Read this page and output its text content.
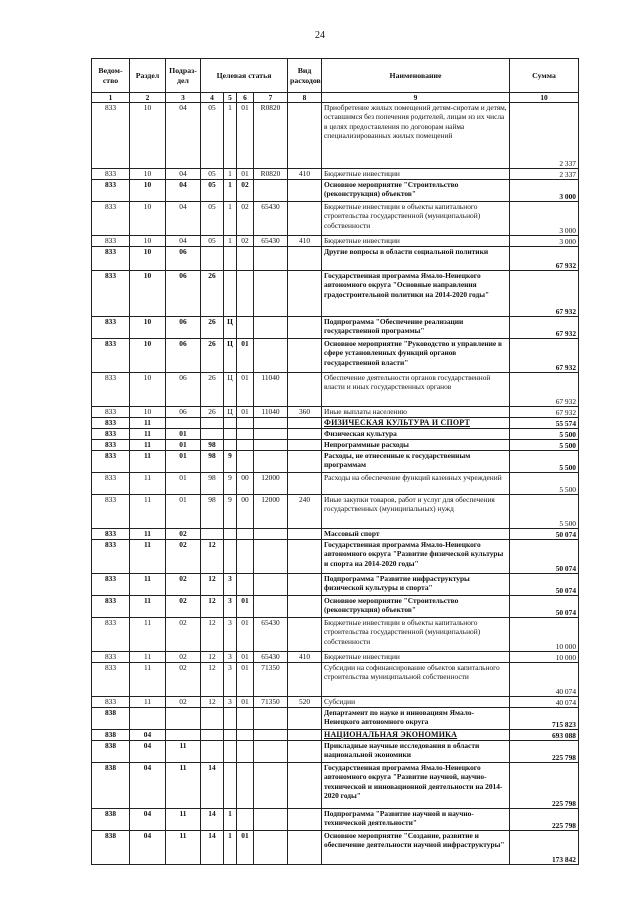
24
Ведом-ство	Раздел	Подраз-дел	Целевая статья				Вид расходов	Наименование	Сумма
1	2	3	4	5	6	7	8	9	10
833	10	04	05	1	01	R0820		Приобретение жилых помещений детям-сиротам и детям, оставшимся без попечения родителей, лицам из их числа в целях предоставления по договорам найма специализированных жилых помещений	2 337
833	10	04	05	1	01	R0820	410	Бюджетные инвестиции	2 337
833	10	04	05	1	02			Основное мероприятие "Строительство (реконструкция) объектов"	3 000
833	10	04	05	1	02	65430		Бюджетные инвестиции в объекты капитального строительства государственной (муниципальной) собственности	3 000
833	10	04	05	1	02	65430	410	Бюджетные инвестиции	3 000
833	10	06						Другие вопросы в области социальной политики	67 932
833	10	06	26					Государственная программа Ямало-Ненецкого автономного округа "Основные направления градостроительной политики на 2014-2020 годы"	67 932
833	10	06	26	Ц				Подпрограмма "Обеспечение реализации государственной программы"	67 932
833	10	06	26	Ц	01			Основное мероприятие "Руководство и управление в сфере установленных функций органов государственной власти"	67 932
833	10	06	26	Ц	01	11040		Обеспечение деятельности органов государственной власти и иных государственных органов	67 932
833	10	06	26	Ц	01	11040	360	Иные выплаты населению	67 932
833	11							ФИЗИЧЕСКАЯ КУЛЬТУРА И СПОРТ	55 574
833	11	01						Физическая культура	5 500
833	11	01	98					Непрограммные расходы	5 500
833	11	01	98	9				Расходы, не отнесенные к государственным программам	5 500
833	11	01	98	9	00	12000		Расходы на обеспечение функций казенных учреждений	5 500
833	11	01	98	9	00	12000	240	Иные закупки товаров, работ и услуг для обеспечения государственных (муниципальных) нужд	5 500
833	11	02						Массовый спорт	50 074
833	11	02	12					Государственная программа Ямало-Ненецкого автономного округа "Развитие физической культуры и спорта на 2014-2020 годы"	50 074
833	11	02	12	3				Подпрограмма "Развитие инфраструктуры физической культуры и спорта"	50 074
833	11	02	12	3	01			Основное мероприятие "Строительство (реконструкция) объектов"	50 074
833	11	02	12	3	01	65430		Бюджетные инвестиции в объекты капитального строительства государственной (муниципальной) собственности	10 000
833	11	02	12	3	01	65430	410	Бюджетные инвестиции	10 000
833	11	02	12	3	01	71350		Субсидии на софинансирование объектов капитального строительства муниципальной собственности	40 074
833	11	02	12	3	01	71350	520	Субсидии	40 074
838								Департамент по науке и инновациям Ямало-Ненецкого автономного округа	715 823
838	04							НАЦИОНАЛЬНАЯ ЭКОНОМИКА	693 088
838	04	11						Прикладные научные исследования в области национальной экономики	225 798
838	04	11	14					Государственная программа Ямало-Ненецкого автономного округа "Развитие научной, научно-технической и инновационной деятельности на 2014-2020 годы"	225 798
838	04	11	14	1				Подпрограмма "Развитие научной и научно-технической деятельности"	225 798
838	04	11	14	1	01			Основное мероприятие "Создание, развитие и обеспечение деятельности научной инфраструктуры"	173 842
